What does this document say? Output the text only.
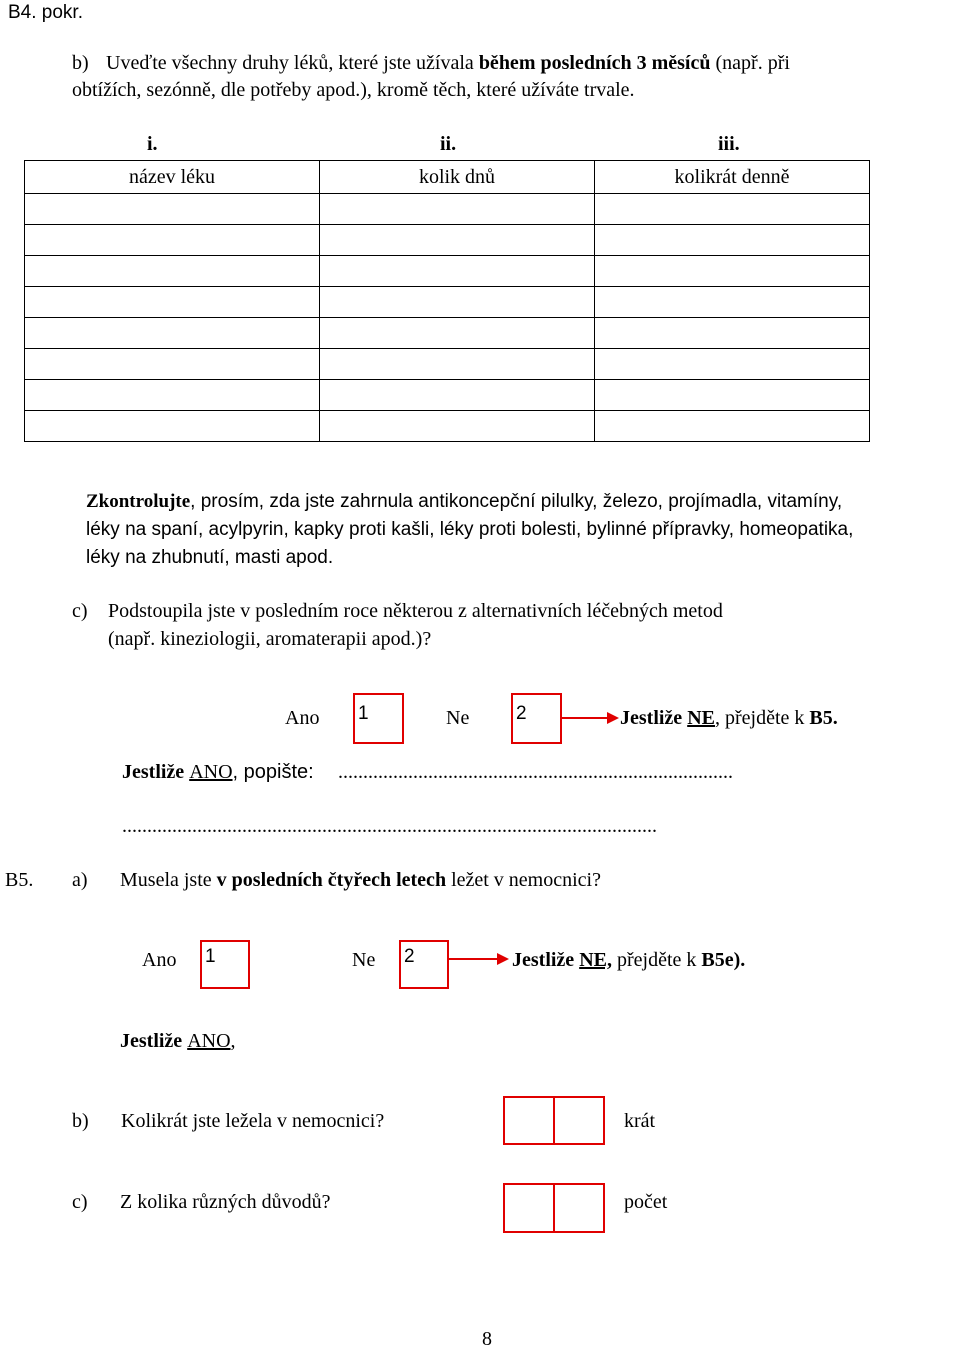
B4. pokr.
b) Uveďte všechny druhy léků, které jste užívala během posledních 3 měsíců (např. při
obtížích, sezónně, dle potřeby apod.), kromě těch, které užíváte trvale.
i.	ii.	iii.
název léku	kolik dnů	kolikrát denně

Zkontrolujte, prosím, zda jste zahrnula antikoncepční pilulky, železo, projímadla, vitamíny,
léky na spaní, acylpyrin, kapky proti kašli, léky proti bolesti, bylinné přípravky, homeopatika,
léky na zhubnutí, masti apod.
c) Podstoupila jste v posledním roce některou z alternativních léčebných metod
(např. kineziologii, aromaterapii apod.)?
Ano 1	Ne 2	Jestliže NE, přejděte k B5.
Jestliže ANO, popište: ...............................................................................
...........................................................................................................
B5. a) Musela jste v posledních čtyřech letech ležet v nemocnici?
Ano 1	Ne 2	Jestliže NE, přejděte k B5e).
Jestliže ANO,
b) Kolikrát jste ležela v nemocnici?	krát
c) Z kolika různých důvodů?	počet
8
